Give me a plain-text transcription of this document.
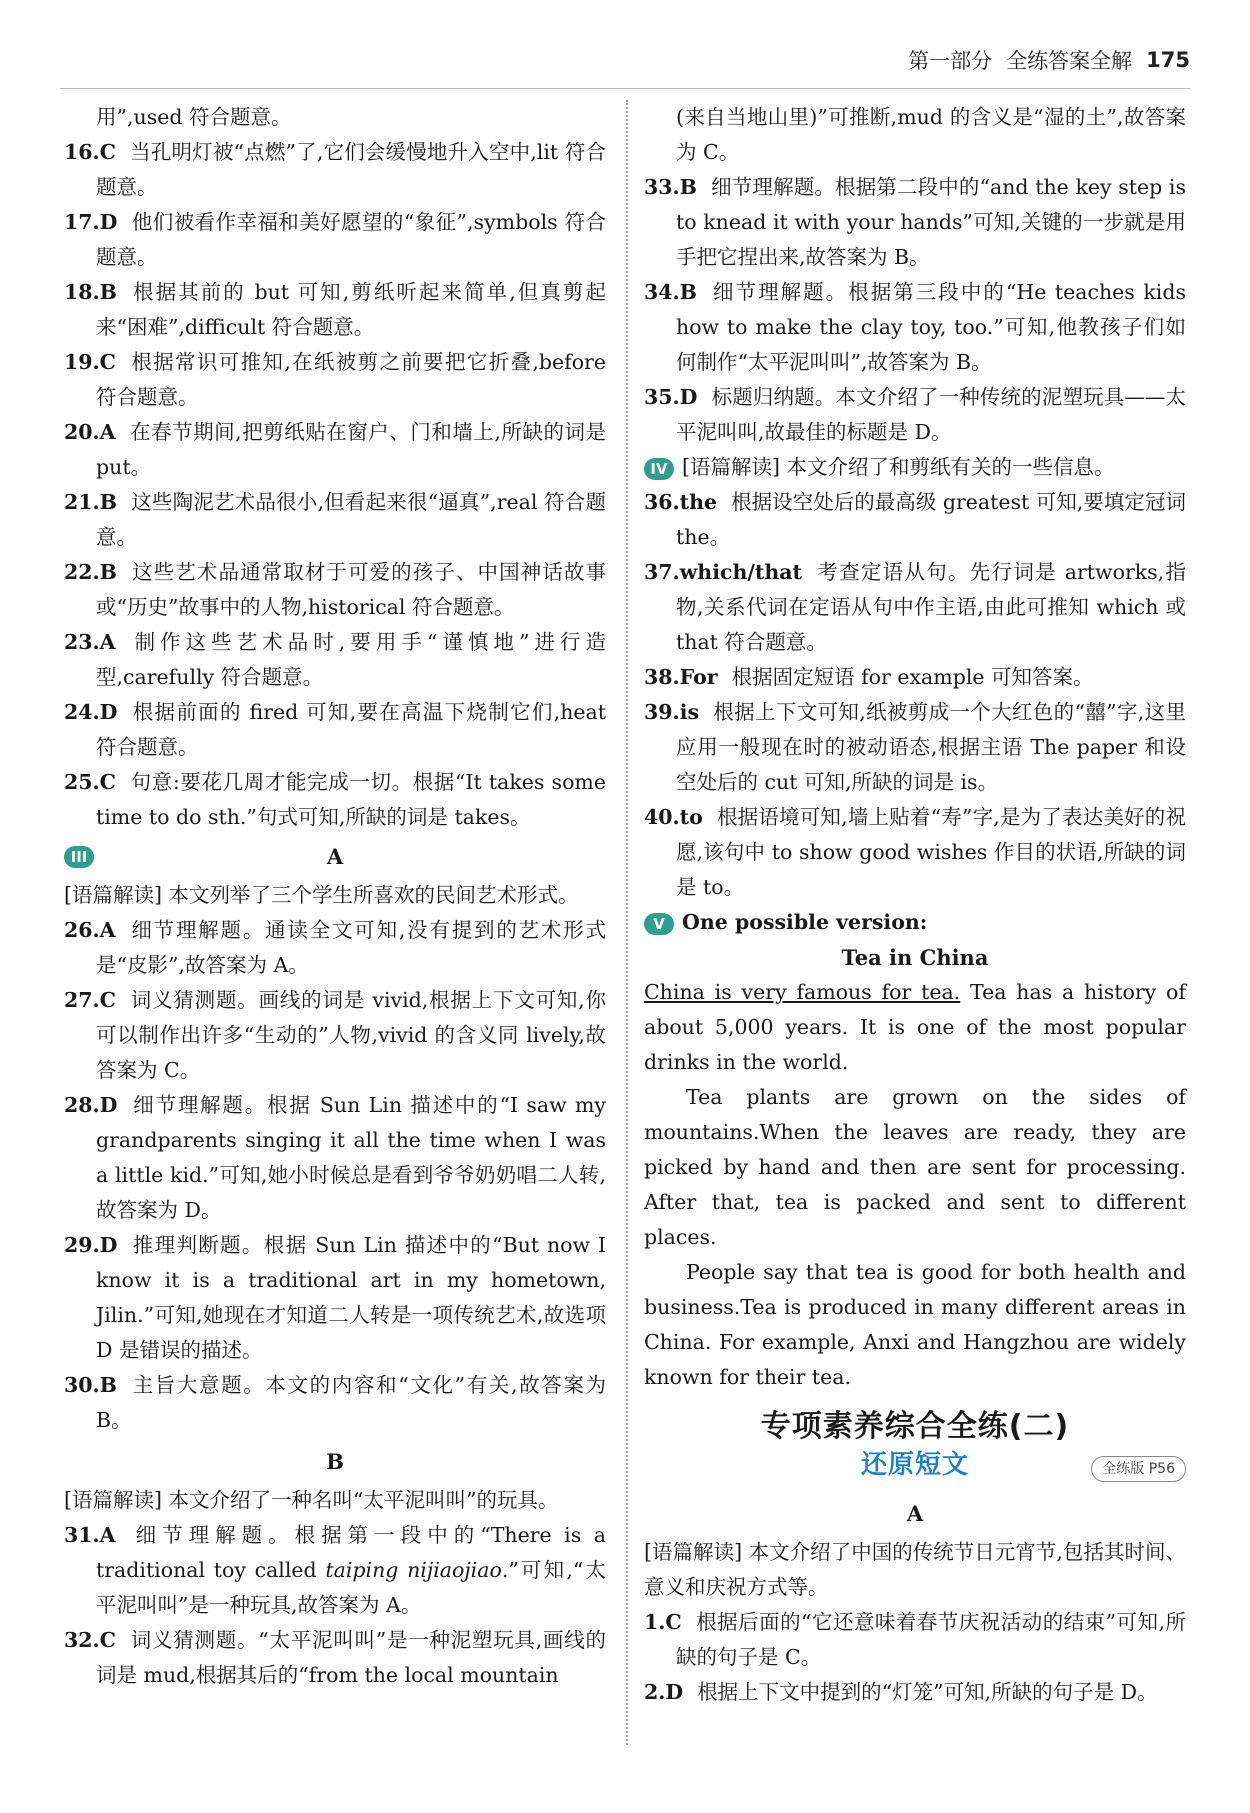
第一部分 全练答案全解 175
用”,used 符合题意。
16.C 当孔明灯被“点燃”了,它们会缓慢地升入空中,lit 符合题意。
17.D 他们被看作幸福和美好愿望的“象征”,symbols 符合题意。
18.B 根据其前的 but 可知,剪纸听起来简单,但真剪起来“困难”,difficult 符合题意。
19.C 根据常识可推知,在纸被剪之前要把它折叠,before 符合题意。
20.A 在春节期间,把剪纸贴在窗户、门和墙上,所缺的词是 put。
21.B 这些陶泥艺术品很小,但看起来很“逼真”,real 符合题意。
22.B 这些艺术品通常取材于可爱的孩子、中国神话故事或“历史”故事中的人物,historical 符合题意。
23.A 制作这些艺术品时,要用手“谨慎地”进行造型,carefully 符合题意。
24.D 根据前面的 fired 可知,要在高温下烧制它们,heat 符合题意。
25.C 句意:要花几周才能完成一切。根据“It takes some time to do sth.”句式可知,所缺的词是 takes。
III	A
[语篇解读] 本文列举了三个学生所喜欢的民间艺术形式。
26.A 细节理解题。通读全文可知,没有提到的艺术形式是“皮影”,故答案为 A。
27.C 词义猜测题。画线的词是 vivid,根据上下文可知,你可以制作出许多“生动的”人物,vivid 的含义同 lively,故答案为 C。
28.D 细节理解题。根据 Sun Lin 描述中的“I saw my grandparents singing it all the time when I was a little kid.”可知,她小时候总是看到爷爷奶奶唱二人转,故答案为 D。
29.D 推理判断题。根据 Sun Lin 描述中的“But now I know it is a traditional art in my hometown, Jilin.”可知,她现在才知道二人转是一项传统艺术,故选项 D 是错误的描述。
30.B 主旨大意题。本文的内容和“文化”有关,故答案为 B。
B
[语篇解读] 本文介绍了一种名叫“太平泥叫叫”的玩具。
31.A 细节理解题。根据第一段中的“There is a traditional toy called taiping nijiaojiao.”可知,“太平泥叫叫”是一种玩具,故答案为 A。
32.C 词义猜测题。“太平泥叫叫”是一种泥塑玩具,画线的词是 mud,根据其后的“from the local mountain
(来自当地山里)”可推断,mud 的含义是“湿的土”,故答案为 C。
33.B 细节理解题。根据第二段中的“and the key step is to knead it with your hands”可知,关键的一步就是用手把它捏出来,故答案为 B。
34.B 细节理解题。根据第三段中的“He teaches kids how to make the clay toy, too.”可知,他教孩子们如何制作“太平泥叫叫”,故答案为 B。
35.D 标题归纳题。本文介绍了一种传统的泥塑玩具——太平泥叫叫,故最佳的标题是 D。
IV [语篇解读] 本文介绍了和剪纸有关的一些信息。
36.the 根据设空处后的最高级 greatest 可知,要填定冠词 the。
37.which/that 考查定语从句。先行词是 artworks,指物,关系代词在定语从句中作主语,由此可推知 which 或 that 符合题意。
38.For 根据固定短语 for example 可知答案。
39.is 根据上下文可知,纸被剪成一个大红色的“囍”字,这里应用一般现在时的被动语态,根据主语 The paper 和设空处后的 cut 可知,所缺的词是 is。
40.to 根据语境可知,墙上贴着“寿”字,是为了表达美好的祝愿,该句中 to show good wishes 作目的状语,所缺的词是 to。
V One possible version:
Tea in China
China is very famous for tea. Tea has a history of about 5,000 years. It is one of the most popular drinks in the world.
Tea plants are grown on the sides of mountains.When the leaves are ready, they are picked by hand and then are sent for processing. After that, tea is packed and sent to different places.
People say that tea is good for both health and business.Tea is produced in many different areas in China. For example, Anxi and Hangzhou are widely known for their tea.
专项素养综合全练(二)
还原短文	全练版 P56
A
[语篇解读] 本文介绍了中国的传统节日元宵节,包括其时间、意义和庆祝方式等。
1.C 根据后面的“它还意味着春节庆祝活动的结束”可知,所缺的句子是 C。
2.D 根据上下文中提到的“灯笼”可知,所缺的句子是 D。
